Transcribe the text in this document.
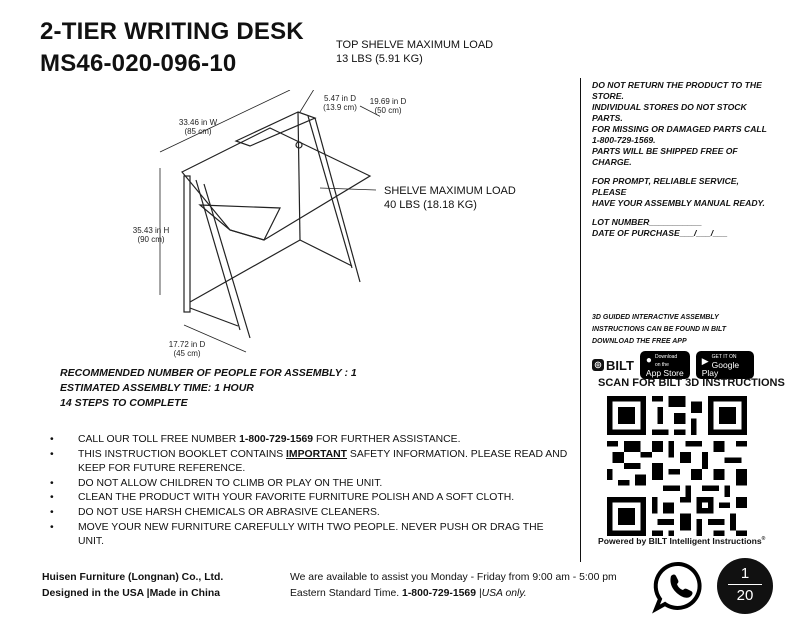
2-TIER WRITING DESK
MS46-020-096-10
33.46 in W
(85 cm)
5.47 in D
(13.9 cm)
19.69 in D
(50 cm)
35.43 in H
(90 cm)
17.72 in D
(45 cm)
TOP SHELVE MAXIMUM LOAD
13 LBS (5.91 KG)
SHELVE MAXIMUM LOAD
40 LBS (18.18 KG)
RECOMMENDED NUMBER OF PEOPLE FOR ASSEMBLY : 1
ESTIMATED ASSEMBLY TIME: 1 HOUR
14 STEPS TO COMPLETE
• CALL OUR TOLL FREE NUMBER 1-800-729-1569 FOR FURTHER ASSISTANCE.
• THIS INSTRUCTION BOOKLET CONTAINS IMPORTANT SAFETY INFORMATION. PLEASE READ AND
KEEP FOR FUTURE REFERENCE.
• DO NOT ALLOW CHILDREN TO CLIMB OR PLAY ON THE UNIT.
• CLEAN THE PRODUCT WITH YOUR FAVORITE FURNITURE POLISH AND A SOFT CLOTH.
• DO NOT USE HARSH CHEMICALS OR ABRASIVE CLEANERS.
• MOVE YOUR NEW FURNITURE CAREFULLY WITH TWO PEOPLE. NEVER PUSH OR DRAG THE UNIT.
DO NOT RETURN THE PRODUCT TO THE
STORE.
INDIVIDUAL STORES DO NOT STOCK
PARTS.
FOR MISSING OR DAMAGED PARTS CALL
1-800-729-1569.
PARTS WILL BE SHIPPED FREE OF CHARGE.
FOR PROMPT, RELIABLE SERVICE, PLEASE
HAVE YOUR ASSEMBLY MANUAL READY.
LOT NUMBER___________
DATE OF PURCHASE___/___/___
3D GUIDED INTERACTIVE ASSEMBLY
INSTRUCTIONS CAN BE FOUND IN BILT
DOWNLOAD THE FREE APP
◎ BILT ● Download on the
App Store
▶ GET IT ON
Google Play
SCAN FOR BILT 3D INSTRUCTIONS
Powered by BILT Intelligent Instructions®
Huisen Furniture (Longnan) Co., Ltd.
Designed in the USA |Made in China
We are available to assist you Monday - Friday from 9:00 am - 5:00 pm
Eastern Standard Time. 1-800-729-1569 |USA only.
1
20
